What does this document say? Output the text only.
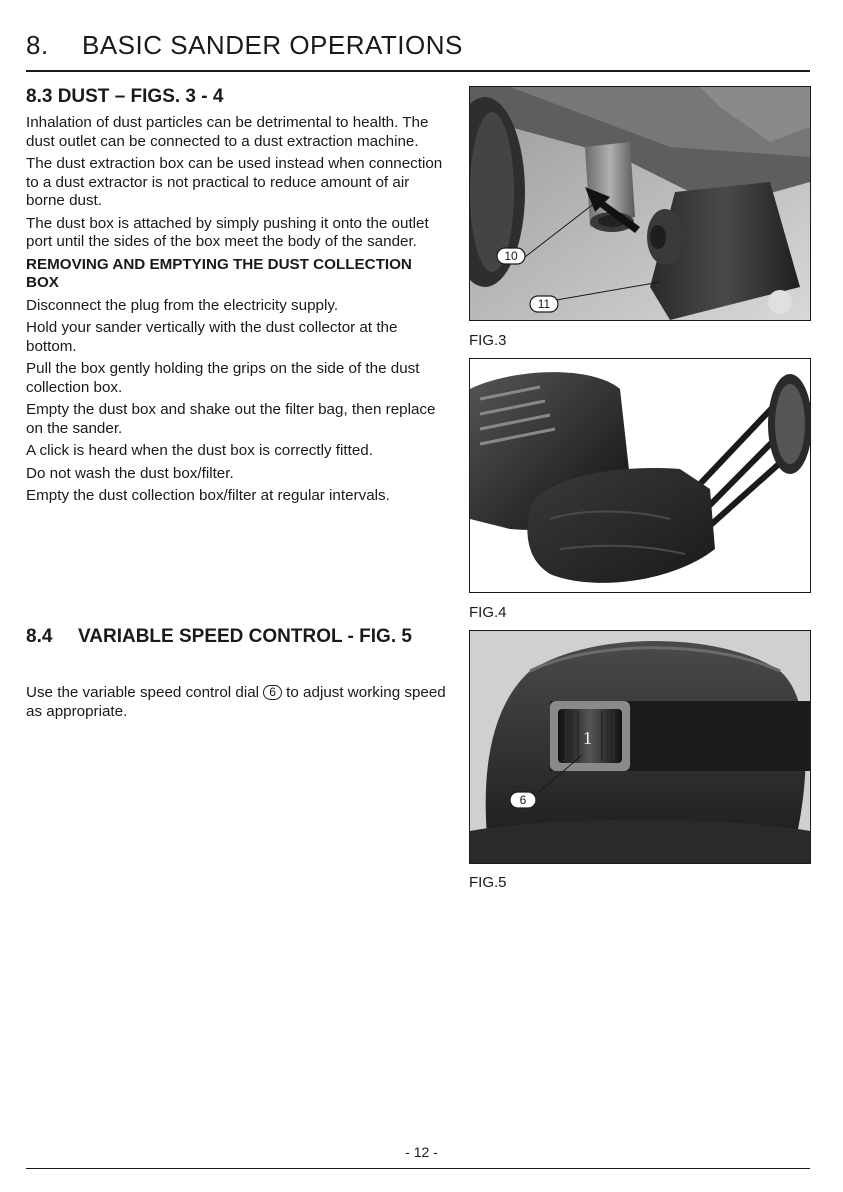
8. BASIC SANDER OPERATIONS
8.3 DUST – FIGS. 3 - 4

Inhalation of dust particles can be detrimental to health. The dust outlet can be connected to a dust extraction machine.

The dust extraction box can be used instead when connection to a dust extractor is not practical to reduce amount of air borne dust.

The dust box is attached by simply pushing it onto the outlet port until the sides of the box meet the body of the sander.

REMOVING AND EMPTYING THE DUST COLLECTION BOX

Disconnect the plug from the electricity supply.

Hold your sander vertically with the dust collector at the bottom.

Pull the box gently holding the grips on the side of the dust collection box.

Empty the dust box and shake out the filter bag, then replace on the sander.

A click is heard when the dust box is correctly fitted.

Do not wash the dust box/filter.

Empty the dust collection box/filter at regular intervals.

8.4 VARIABLE SPEED CONTROL - FIG. 5

Use the variable speed control dial 6 to adjust working speed as appropriate.

10
11
FIG.3
FIG.4
1
6
FIG.5
- 12 -
